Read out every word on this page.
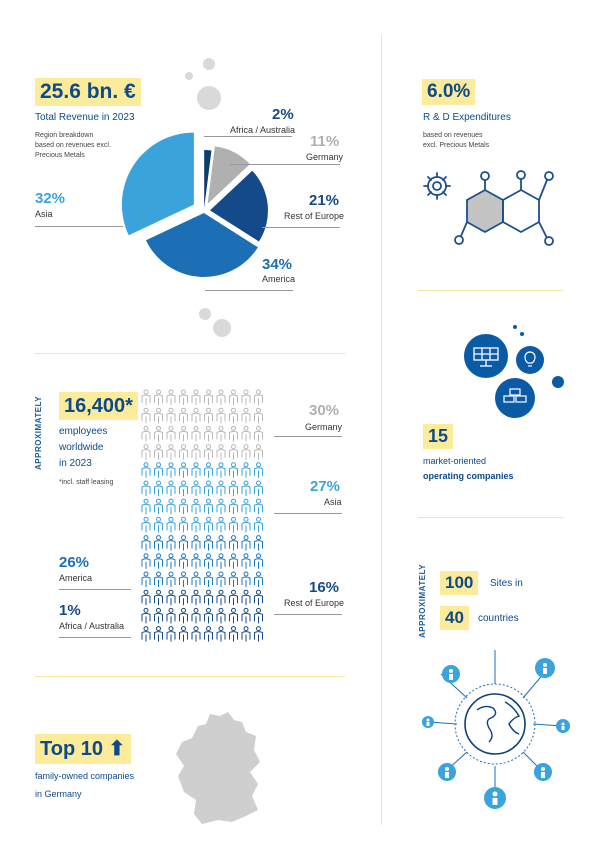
25.6 bn. €
Total Revenue in 2023
Region breakdown
based on revenues excl.
Precious Metals
2%
Africa / Australia
11%
Germany
21%
Rest of Europe
34%
America
32%
Asia
6.0%
R & D Expenditures
based on revenues
excl. Precious Metals
APPROXIMATELY 16,400*
employees
worldwide
in 2023
*incl. staff leasing
30%
Germany
27%
Asia
26%
America
1%
Africa / Australia
16%
Rest of Europe
15
market-oriented
operating companies
APPROXIMATELY 100	Sites in
40	countries
Top 10 ⬆
family-owned companies
in Germany
